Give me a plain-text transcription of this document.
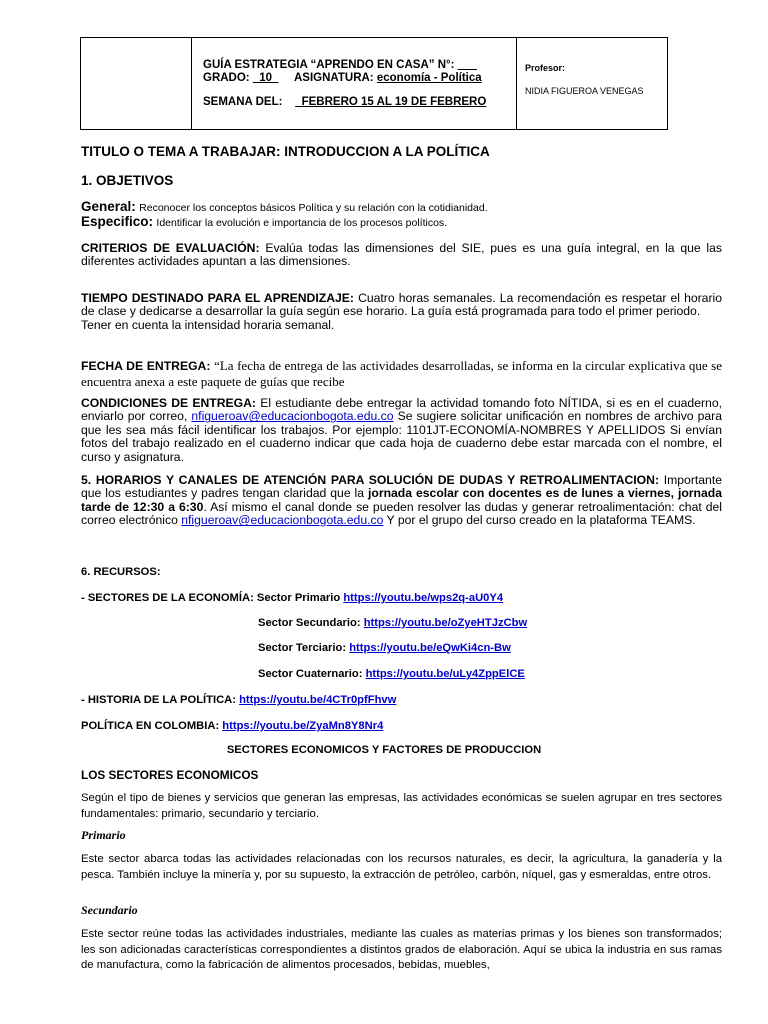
GUÍA ESTRATEGIA “APRENDO EN CASA” N°: ___
GRADO: _10_ ASIGNATURA: economía - Política
SEMANA DEL: _FEBRERO 15 AL 19 DE FEBRERO
Profesor:
NIDIA FIGUEROA VENEGAS
TITULO O TEMA A TRABAJAR: INTRODUCCION A LA POLÍTICA
1. OBJETIVOS
General: Reconocer los conceptos básicos Política y su relación con la cotidianidad.
Especifico: Identificar la evolución e importancia de los procesos políticos.
CRITERIOS DE EVALUACIÓN: Evalúa todas las dimensiones del SIE, pues es una guía integral, en la que las diferentes actividades apuntan a las dimensiones.
TIEMPO DESTINADO PARA EL APRENDIZAJE: Cuatro horas semanales. La recomendación es respetar el horario de clase y dedicarse a desarrollar la guía según ese horario. La guía está programada para todo el primer periodo.
Tener en cuenta la intensidad horaria semanal.
FECHA DE ENTREGA: “La fecha de entrega de las actividades desarrolladas, se informa en la circular explicativa que se encuentra anexa a este paquete de guías que recibe
CONDICIONES DE ENTREGA: El estudiante debe entregar la actividad tomando foto NÍTIDA, si es en el cuaderno, enviarlo por correo, nfigueroav@educacionbogota.edu.co Se sugiere solicitar unificación en nombres de archivo para que les sea más fácil identificar los trabajos. Por ejemplo: 1101JT-ECONOMÍA-NOMBRES Y APELLIDOS Si envían fotos del trabajo realizado en el cuaderno indicar que cada hoja de cuaderno debe estar marcada con el nombre, el curso y asignatura.
5. HORARIOS Y CANALES DE ATENCIÓN PARA SOLUCIÓN DE DUDAS Y RETROALIMENTACION: Importante que los estudiantes y padres tengan claridad que la jornada escolar con docentes es de lunes a viernes, jornada tarde de 12:30 a 6:30. Así mismo el canal donde se pueden resolver las dudas y generar retroalimentación: chat del correo electrónico nfigueroav@educacionbogota.edu.co Y por el grupo del curso creado en la plataforma TEAMS.
6. RECURSOS:
- SECTORES DE LA ECONOMÍA: Sector Primario https://youtu.be/wps2q-aU0Y4
Sector Secundario: https://youtu.be/oZyeHTJzCbw
Sector Terciario: https://youtu.be/eQwKi4cn-Bw
Sector Cuaternario: https://youtu.be/uLy4ZppElCE
- HISTORIA DE LA POLÍTICA: https://youtu.be/4CTr0pfFhvw
POLÍTICA EN COLOMBIA: https://youtu.be/ZyaMn8Y8Nr4
SECTORES ECONOMICOS Y FACTORES DE PRODUCCION
LOS SECTORES ECONOMICOS
Según el tipo de bienes y servicios que generan las empresas, las actividades económicas se suelen agrupar en tres sectores fundamentales: primario, secundario y terciario.
Primario
Este sector abarca todas las actividades relacionadas con los recursos naturales, es decir, la agricultura, la ganadería y la pesca. También incluye la minería y, por su supuesto, la extracción de petróleo, carbón, níquel, gas y esmeraldas, entre otros.
Secundario
Este sector reúne todas las actividades industriales, mediante las cuales as materias primas y los bienes son transformados; les son adicionadas características correspondientes a distintos grados de elaboración. Aquí se ubica la industria en sus ramas de manufactura, como la fabricación de alimentos procesados, bebidas, muebles,
